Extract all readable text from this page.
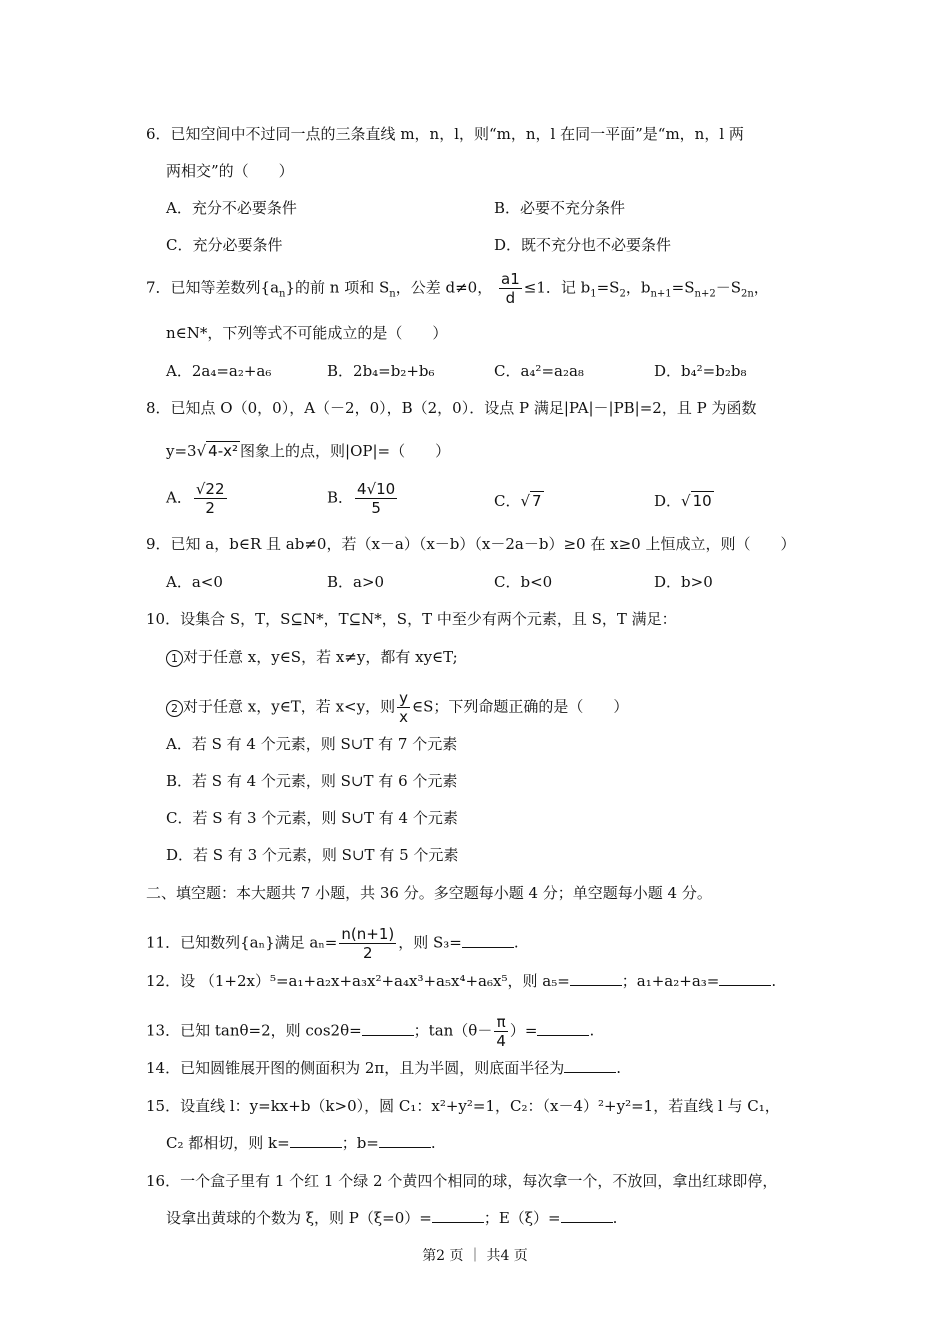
6．已知空间中不过同一点的三条直线 m，n，l，则“m，n，l 在同一平面”是“m，n，l 两
两相交”的（　　）
A．充分不必要条件	B．必要不充分条件
C．充分必要条件	D．既不充分也不必要条件
7．已知等差数列$\{a_n\}$的前 n 项和 $S_n$，公差 d≠0， $\frac{a1}{d} \le 1$．记 $b_1=S_2$，$b_{n+1}=S_{n+2}-S_{2n}$，
n∈N*，下列等式不可能成立的是（　　）
A．2a₄=a₂+a₆	B．2b₄=b₂+b₆	C．a₄²=a₂a₈	D．b₄²=b₂b₈
8．已知点 O（0，0），A（－2，0），B（2，0）．设点 P 满足|PA|－|PB|=2，且 P 为函数
y=3√ 4-x² 图象上的点，则|OP|=（　　）
A． $\frac{√22}{2}$	B． $\frac{4√10}{5}$	C．√ 7	D．√ 10
9．已知 a，b∈R 且 ab≠0，若（x－a）（x－b）（x－2a－b）≥0 在 x≥0 上恒成立，则（　　）
A．a<0	B．a>0	C．b<0	D．b>0
10．设集合 S，T，S⊆N*，T⊆N*，S，T 中至少有两个元素，且 S，T 满足：
1 对于任意 x，y∈S，若 x≠y，都有 xy∈T;
2 对于任意 x，y∈T，若 x<y，则 $\frac{y}{x}$ ∈S；下列命题正确的是（　　）
A．若 S 有 4 个元素，则 S∪T 有 7 个元素
B．若 S 有 4 个元素，则 S∪T 有 6 个元素
C．若 S 有 3 个元素，则 S∪T 有 4 个元素
D．若 S 有 3 个元素，则 S∪T 有 5 个元素
二、填空题：本大题共 7 小题，共 36 分。多空题每小题 4 分；单空题每小题 4 分。
11．已知数列{aₙ}满足 $a_n= \frac{n(n+1)}{2}$ ，则 S₃=	.
12．设 （1+2x）⁵=a₁+a₂x+a₃x²+a₄x³+a₅x⁴+a₆x⁵，则 a₅=	；a₁+a₂+a₃=	.
13．已知 tanθ=2，则 cos2θ=	；$\tan(\theta- \frac{\pi}{4}$ ）=	.
14．已知圆锥展开图的侧面积为 2π，且为半圆，则底面半径为	.
15．设直线 l：y=kx+b（k>0），圆 C₁：x²+y²=1，C₂：（x－4）²+y²=1，若直线 l 与 C₁，
C₂ 都相切，则 k=	；b=	.
16．一个盒子里有 1 个红 1 个绿 2 个黄四个相同的球，每次拿一个，不放回，拿出红球即停，
设拿出黄球的个数为 ξ，则 P（ξ=0）=	；E（ξ）=	.
第2 页 ｜ 共4 页
